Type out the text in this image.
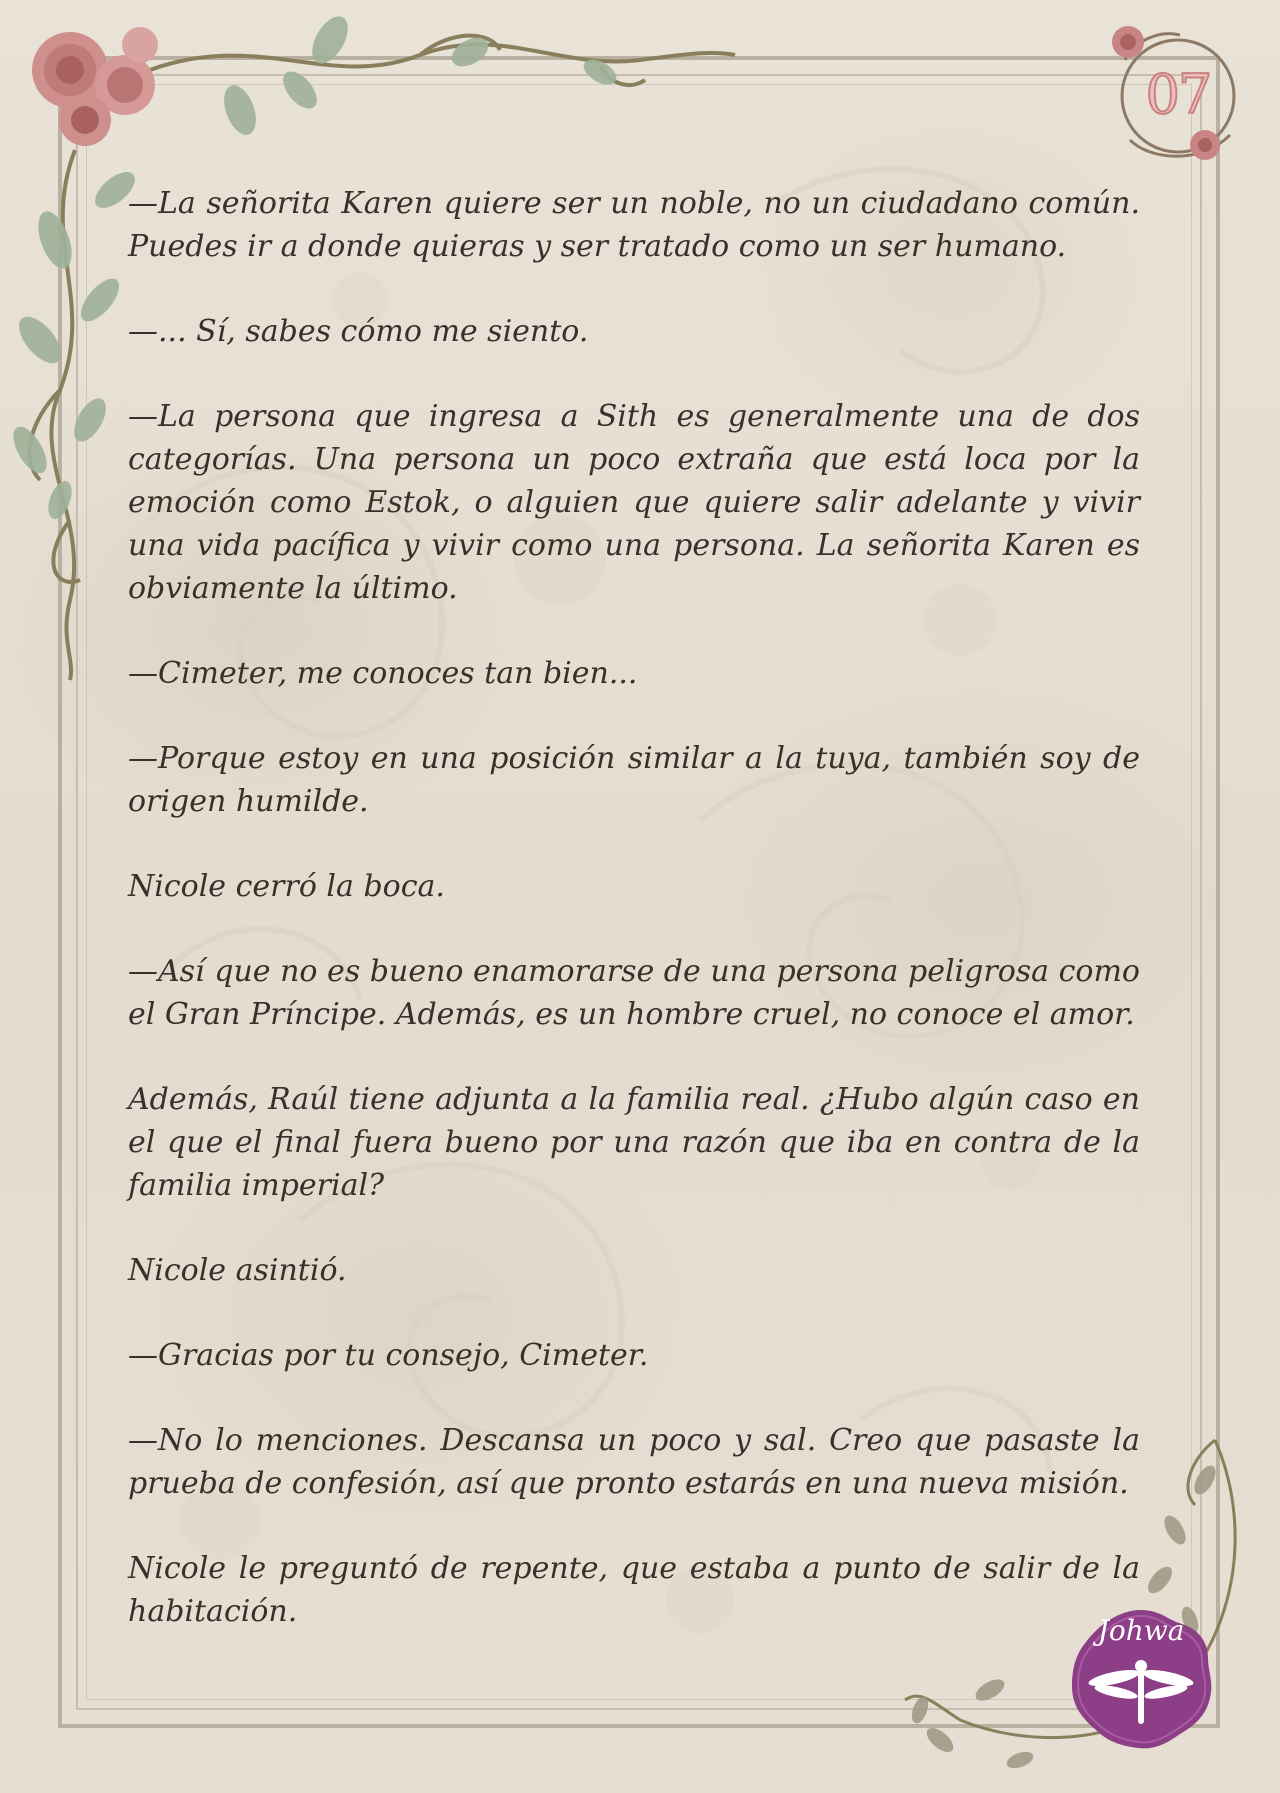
07

—La señorita Karen quiere ser un noble, no un ciudadano común. Puedes ir a donde quieras y ser tratado como un ser humano.

—... Sí, sabes cómo me siento.

—La persona que ingresa a Sith es generalmente una de dos categorías. Una persona un poco extraña que está loca por la emoción como Estok, o alguien que quiere salir adelante y vivir una vida pacífica y vivir como una persona. La señorita Karen es obviamente la último.

—Cimeter, me conoces tan bien...

—Porque estoy en una posición similar a la tuya, también soy de origen humilde.

Nicole cerró la boca.

—Así que no es bueno enamorarse de una persona peligrosa como el Gran Príncipe. Además, es un hombre cruel, no conoce el amor.

Además, Raúl tiene adjunta a la familia real. ¿Hubo algún caso en el que el final fuera bueno por una razón que iba en contra de la familia imperial?

Nicole asintió.

—Gracias por tu consejo, Cimeter.

—No lo menciones. Descansa un poco y sal. Creo que pasaste la prueba de confesión, así que pronto estarás en una nueva misión.

Nicole le preguntó de repente, que estaba a punto de salir de la habitación.

Johwa
